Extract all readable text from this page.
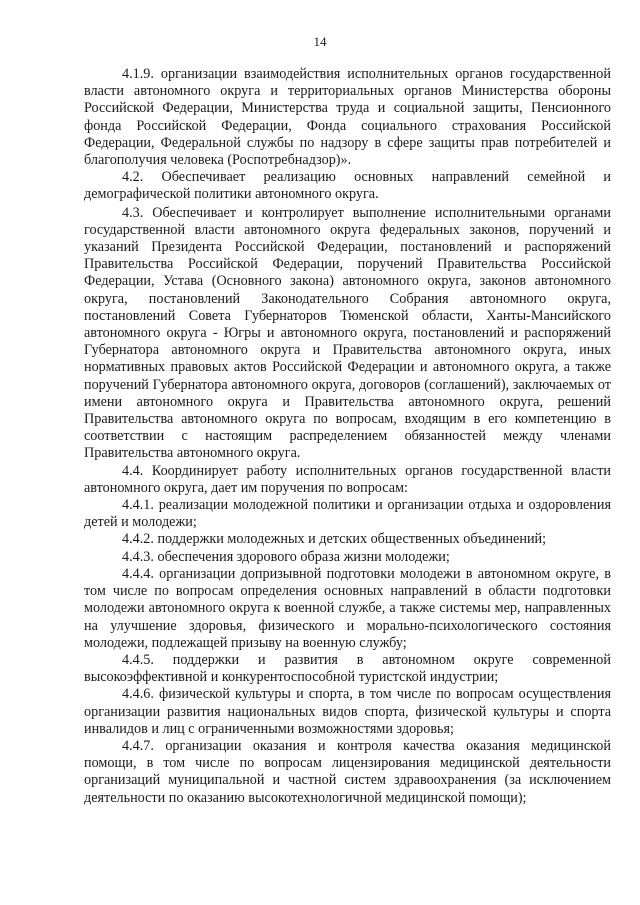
14

4.1.9. организации взаимодействия исполнительных органов государственной власти автономного округа и территориальных органов Министерства обороны Российской Федерации, Министерства труда и социальной защиты, Пенсионного фонда Российской Федерации, Фонда социального страхования Российской Федерации, Федеральной службы по надзору в сфере защиты прав потребителей и благополучия человека (Роспотребнадзор)».

4.2. Обеспечивает реализацию основных направлений семейной и демографической политики автономного округа.

4.3. Обеспечивает и контролирует выполнение исполнительными органами государственной власти автономного округа федеральных законов, поручений и указаний Президента Российской Федерации, постановлений и распоряжений Правительства Российской Федерации, поручений Правительства Российской Федерации, Устава (Основного закона) автономного округа, законов автономного округа, постановлений Законодательного Собрания автономного округа, постановлений Совета Губернаторов Тюменской области, Ханты-Мансийского автономного округа - Югры и автономного округа, постановлений и распоряжений Губернатора автономного округа и Правительства автономного округа, иных нормативных правовых актов Российской Федерации и автономного округа, а также поручений Губернатора автономного округа, договоров (соглашений), заключаемых от имени автономного округа и Правительства автономного округа, решений Правительства автономного округа по вопросам, входящим в его компетенцию в соответствии с настоящим распределением обязанностей между членами Правительства автономного округа.

4.4. Координирует работу исполнительных органов государственной власти автономного округа, дает им поручения по вопросам:

4.4.1. реализации молодежной политики и организации отдыха и оздоровления детей и молодежи;

4.4.2. поддержки молодежных и детских общественных объединений;

4.4.3. обеспечения здорового образа жизни молодежи;

4.4.4. организации допризывной подготовки молодежи в автономном округе, в том числе по вопросам определения основных направлений в области подготовки молодежи автономного округа к военной службе, а также системы мер, направленных на улучшение здоровья, физического и морально-психологического состояния молодежи, подлежащей призыву на военную службу;

4.4.5. поддержки и развития в автономном округе современной высокоэффективной и конкурентоспособной туристской индустрии;

4.4.6. физической культуры и спорта, в том числе по вопросам осуществления организации развития национальных видов спорта, физической культуры и спорта инвалидов и лиц с ограниченными возможностями здоровья;

4.4.7. организации оказания и контроля качества оказания медицинской помощи, в том числе по вопросам лицензирования медицинской деятельности организаций муниципальной и частной систем здравоохранения (за исключением деятельности по оказанию высокотехнологичной медицинской помощи);
